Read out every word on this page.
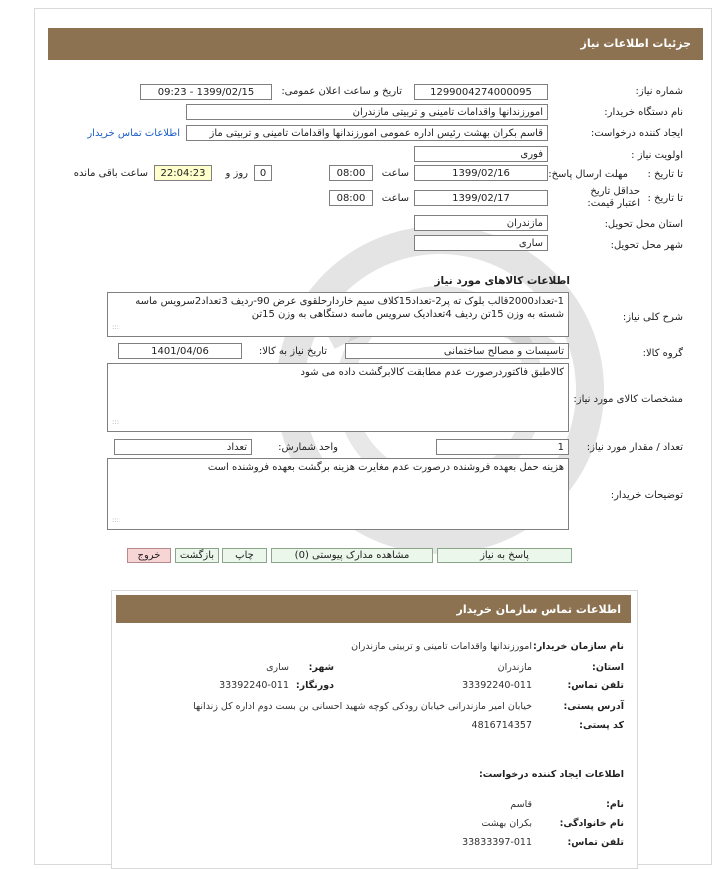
جزئیات اطلاعات نیاز
شماره نیاز:
1299004274000095
تاریخ و ساعت اعلان عمومی:
1399/02/15 - 09:23
نام دستگاه خریدار:
امورزندانها واقدامات تامینی و تربیتی مازندران
ایجاد کننده درخواست:
قاسم بکران بهشت رئیس اداره عمومی امورزندانها واقدامات تامینی و تربیتی ماز
اطلاعات تماس خریدار
اولویت نیاز :
فوری
مهلت ارسال پاسخ: تا تاریخ :
1399/02/16
ساعت
08:00
0
روز و
22:04:23
ساعت باقی مانده
حداقل تاریخ اعتبار قیمت: تا تاریخ :
1399/02/17
ساعت
08:00
استان محل تحویل:
مازندران
شهر محل تحویل:
ساری
اطلاعات کالاهای مورد نیاز
شرح کلی نیاز:
1-تعداد2000قالب بلوک ته پر2-تعداد15کلاف سیم خاردارحلقوی عرض 90-ردیف 3تعداد2سرویس ماسه شسته به وزن 15تن ردیف 4تعدادیک سرویس ماسه دستگاهی به وزن 15تن
:::
گروه کالا:
تاسیسات و مصالح ساختمانی
تاریخ نیاز به کالا:
1401/04/06
مشخصات کالای مورد نیاز:
کالاطبق فاکتوردرصورت عدم مطابقت کالابرگشت داده می شود
:::
تعداد / مقدار مورد نیاز:
1
واحد شمارش:
تعداد
توضیحات خریدار:
هزینه حمل بعهده فروشنده درصورت عدم مغایرت هزینه برگشت بعهده فروشنده است
:::
پاسخ به نیاز
مشاهده مدارک پیوستی (0)
چاپ
بازگشت
خروج
اطلاعات تماس سازمان خریدار
نام سازمان خریدار:
امورزندانها واقدامات تامینی و تربیتی مازندران
استان:
مازندران
شهر:
ساری
تلفن تماس:
33392240-011
دورنگار:
33392240-011
آدرس پستی:
خیابان امیر مازندرانی خیابان رودکی کوچه شهید احسانی بن بست دوم اداره کل زندانها
کد پستی:
4816714357
اطلاعات ایجاد کننده درخواست:
نام:
قاسم
نام خانوادگی:
بکران بهشت
تلفن تماس:
33833397-011
